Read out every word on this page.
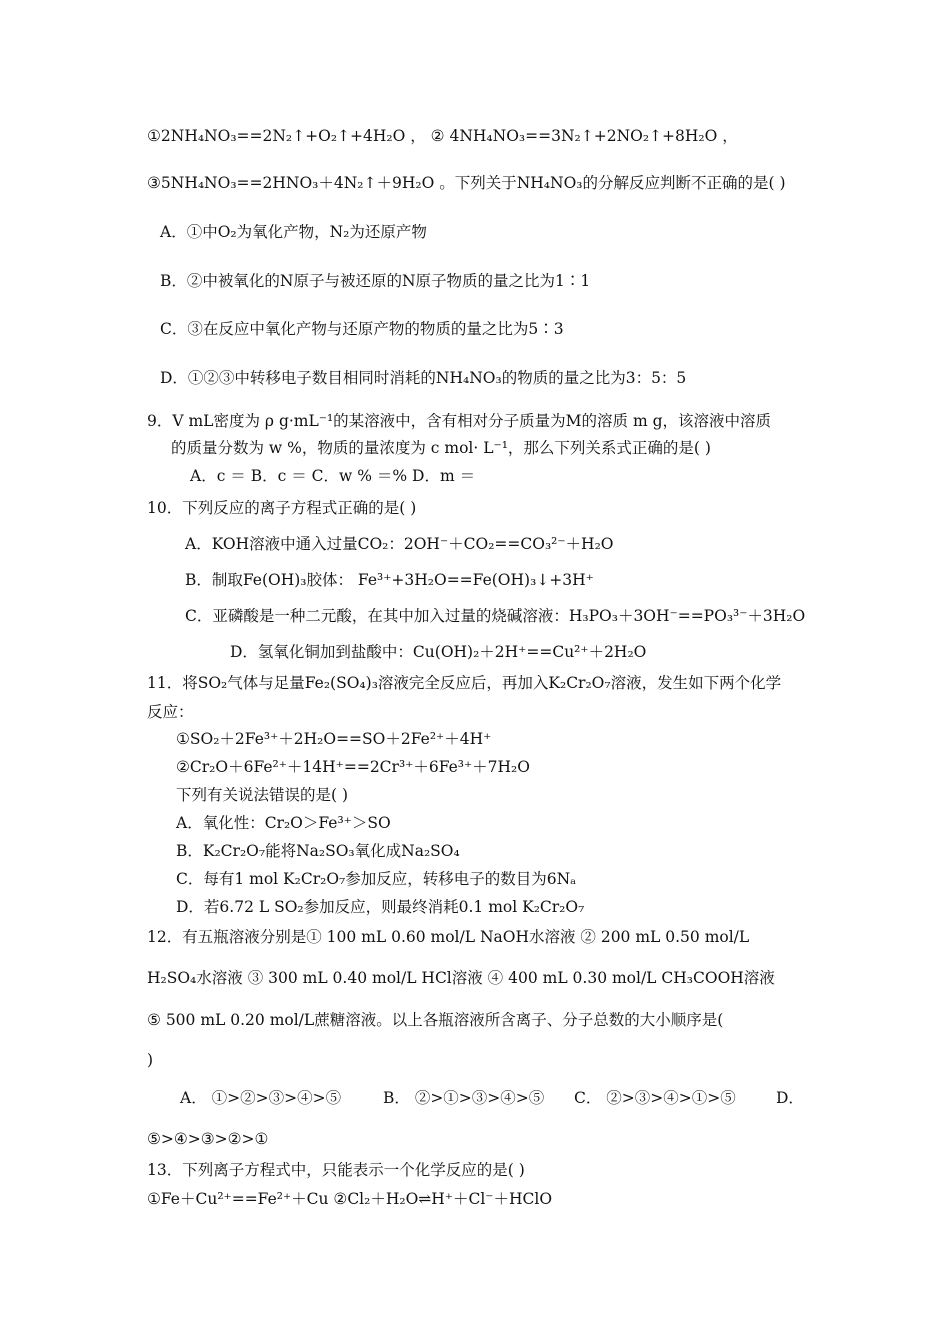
①2NH₄NO₃==2N₂↑+O₂↑+4H₂O ， ② 4NH₄NO₃==3N₂↑+2NO₂↑+8H₂O ，
③5NH₄NO₃==2HNO₃＋4N₂↑＋9H₂O 。下列关于NH₄NO₃的分解反应判断不正确的是( )
A．①中O₂为氧化产物，N₂为还原产物
B．②中被氧化的N原子与被还原的N原子物质的量之比为1∶1
C．③在反应中氧化产物与还原产物的物质的量之比为5∶3
D．①②③中转移电子数目相同时消耗的NH₄NO₃的物质的量之比为3：5：5
9．V mL密度为 ρ g·mL⁻¹的某溶液中，含有相对分子质量为M的溶质 m g，该溶液中溶质
的质量分数为 w %，物质的量浓度为 c mol· L⁻¹，那么下列关系式正确的是( )
A．c ＝ B．c ＝ C．w % ＝% D．m ＝
10．下列反应的离子方程式正确的是( )
A．KOH溶液中通入过量CO₂：2OH⁻＋CO₂==CO₃²⁻＋H₂O
B．制取Fe(OH)₃胶体： Fe³⁺+3H₂O==Fe(OH)₃↓+3H⁺
C．亚磷酸是一种二元酸，在其中加入过量的烧碱溶液：H₃PO₃＋3OH⁻==PO₃³⁻＋3H₂O
D．氢氧化铜加到盐酸中：Cu(OH)₂＋2H⁺==Cu²⁺＋2H₂O
11．将SO₂气体与足量Fe₂(SO₄)₃溶液完全反应后，再加入K₂Cr₂O₇溶液，发生如下两个化学
反应：
①SO₂＋2Fe³⁺＋2H₂O==SO＋2Fe²⁺＋4H⁺
②Cr₂O＋6Fe²⁺＋14H⁺==2Cr³⁺＋6Fe³⁺＋7H₂O
下列有关说法错误的是( )
A．氧化性：Cr₂O＞Fe³⁺＞SO
B．K₂Cr₂O₇能将Na₂SO₃氧化成Na₂SO₄
C．每有1 mol K₂Cr₂O₇参加反应，转移电子的数目为6Nₐ
D．若6.72 L SO₂参加反应，则最终消耗0.1 mol K₂Cr₂O₇
12．有五瓶溶液分别是① 100 mL 0.60 mol/L NaOH水溶液 ② 200 mL 0.50 mol/L
H₂SO₄水溶液 ③ 300 mL 0.40 mol/L HCl溶液 ④ 400 mL 0.30 mol/L CH₃COOH溶液
⑤ 500 mL 0.20 mol/L蔗糖溶液。以上各瓶溶液所含离子、分子总数的大小顺序是(
)
A． ①>②>③>④>⑤	B． ②>①>③>④>⑤ C． ②>③>④>①>⑤	D．
⑤>④>③>②>①
13．下列离子方程式中，只能表示一个化学反应的是( )
①Fe＋Cu²⁺==Fe²⁺＋Cu ②Cl₂＋H₂O⇌H⁺＋Cl⁻＋HClO
